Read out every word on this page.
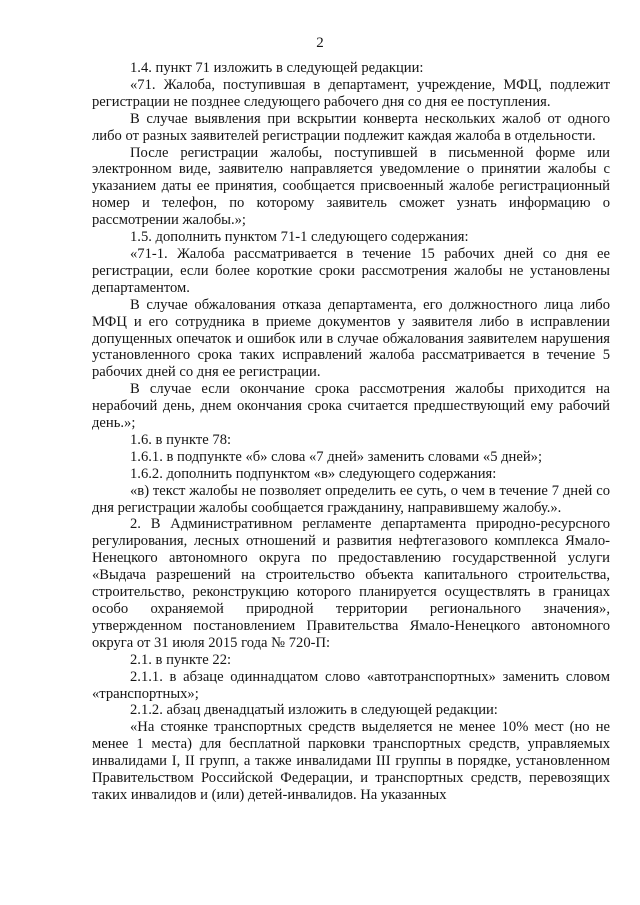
2

1.4. пункт 71 изложить в следующей редакции:

«71. Жалоба, поступившая в департамент, учреждение, МФЦ, подлежит регистрации не позднее следующего рабочего дня со дня ее поступления.

В случае выявления при вскрытии конверта нескольких жалоб от одного либо от разных заявителей регистрации подлежит каждая жалоба в отдельности.

После регистрации жалобы, поступившей в письменной форме или электронном виде, заявителю направляется уведомление о принятии жалобы с указанием даты ее принятия, сообщается присвоенный жалобе регистрационный номер и телефон, по которому заявитель сможет узнать информацию о рассмотрении жалобы.»;

1.5. дополнить пунктом 71-1 следующего содержания:

«71-1. Жалоба рассматривается в течение 15 рабочих дней со дня ее регистрации, если более короткие сроки рассмотрения жалобы не установлены департаментом.

В случае обжалования отказа департамента, его должностного лица либо МФЦ и его сотрудника в приеме документов у заявителя либо в исправлении допущенных опечаток и ошибок или в случае обжалования заявителем нарушения установленного срока таких исправлений жалоба рассматривается в течение 5 рабочих дней со дня ее регистрации.

В случае если окончание срока рассмотрения жалобы приходится на нерабочий день, днем окончания срока считается предшествующий ему рабочий день.»;

1.6. в пункте 78:

1.6.1. в подпункте «б» слова «7 дней» заменить словами «5 дней»;

1.6.2. дополнить подпунктом «в» следующего содержания:

«в) текст жалобы не позволяет определить ее суть, о чем в течение 7 дней со дня регистрации жалобы сообщается гражданину, направившему жалобу.».

2. В Административном регламенте департамента природно-ресурсного регулирования, лесных отношений и развития нефтегазового комплекса Ямало-Ненецкого автономного округа по предоставлению государственной услуги «Выдача разрешений на строительство объекта капитального строительства, строительство, реконструкцию которого планируется осуществлять в границах особо охраняемой природной территории регионального значения», утвержденном постановлением Правительства Ямало-Ненецкого автономного округа от 31 июля 2015 года № 720-П:

2.1. в пункте 22:

2.1.1. в абзаце одиннадцатом слово «автотранспортных» заменить словом «транспортных»;

2.1.2. абзац двенадцатый изложить в следующей редакции:

«На стоянке транспортных средств выделяется не менее 10% мест (но не менее 1 места) для бесплатной парковки транспортных средств, управляемых инвалидами I, II групп, а также инвалидами III группы в порядке, установленном Правительством Российской Федерации, и транспортных средств, перевозящих таких инвалидов и (или) детей-инвалидов. На указанных
